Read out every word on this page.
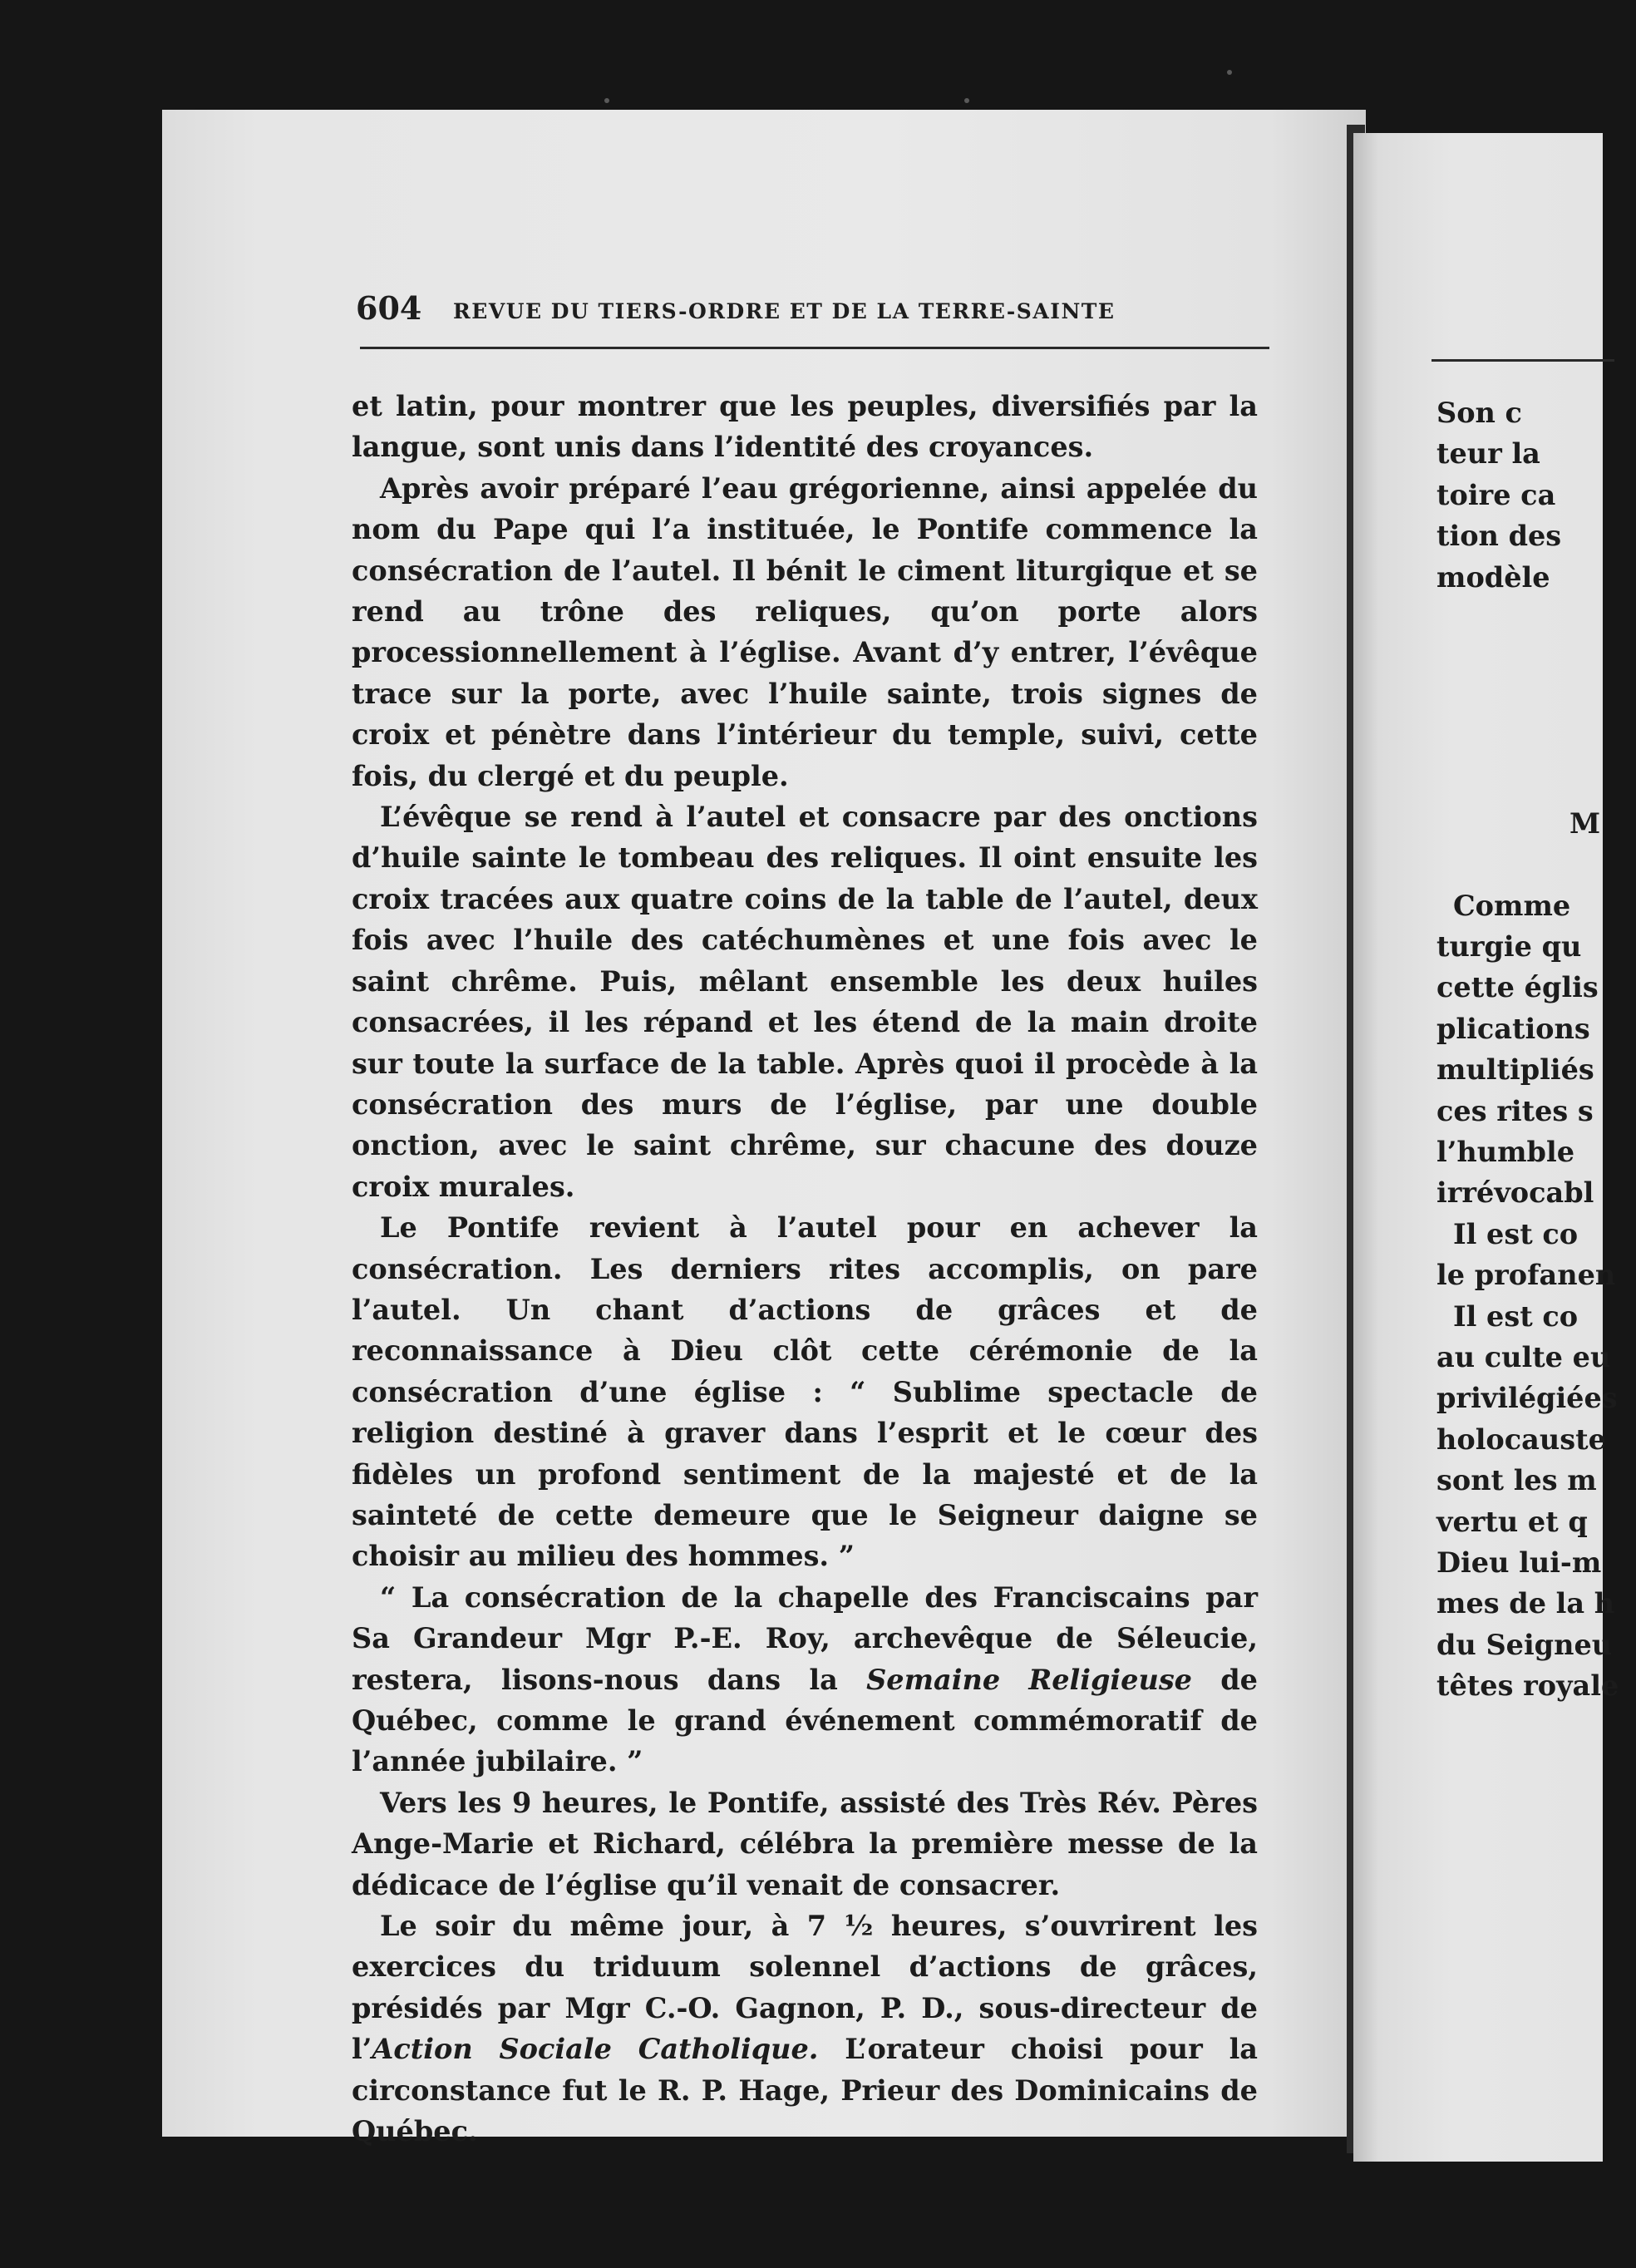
Son c
teur la
toire ca
tion des
modèle
M
Comme
turgie qu
cette églis
plications
multipliés
ces rites s
l’humble
irrévocabl
Il est co
le profanen
Il est co
au culte eu
privilégiées
holocauste
sont les m
vertu et q
Dieu lui-m
mes de la h
du Seigneu
têtes royale
604 REVUE DU TIERS-ORDRE ET DE LA TERRE-SAINTE

et latin, pour montrer que les peuples, diversifiés par la langue, sont unis dans l’identité des croyances.

Après avoir préparé l’eau grégorienne, ainsi appelée du nom du Pape qui l’a instituée, le Pontife commence la consécration de l’autel. Il bénit le ciment liturgique et se rend au trône des reliques, qu’on porte alors processionnellement à l’église. Avant d’y entrer, l’évêque trace sur la porte, avec l’huile sainte, trois signes de croix et pénètre dans l’intérieur du temple, suivi, cette fois, du clergé et du peuple.

L’évêque se rend à l’autel et consacre par des onctions d’huile sainte le tombeau des reliques. Il oint ensuite les croix tracées aux quatre coins de la table de l’autel, deux fois avec l’huile des catéchumènes et une fois avec le saint chrême. Puis, mêlant ensemble les deux huiles consacrées, il les répand et les étend de la main droite sur toute la surface de la table. Après quoi il procède à la consécration des murs de l’église, par une double onction, avec le saint chrême, sur chacune des douze croix murales.

Le Pontife revient à l’autel pour en achever la consécration. Les derniers rites accomplis, on pare l’autel. Un chant d’actions de grâces et de reconnaissance à Dieu clôt cette cérémonie de la consécration d’une église : “ Sublime spectacle de religion destiné à graver dans l’esprit et le cœur des fidèles un profond sentiment de la majesté et de la sainteté de cette demeure que le Seigneur daigne se choisir au milieu des hommes. ”

“ La consécration de la chapelle des Franciscains par Sa Grandeur Mgr P.-E. Roy, archevêque de Séleucie, restera, lisons-nous dans la Semaine Religieuse de Québec, comme le grand événement commémoratif de l’année jubilaire. ”

Vers les 9 heures, le Pontife, assisté des Très Rév. Pères Ange-Marie et Richard, célébra la première messe de la dédicace de l’église qu’il venait de consacrer.

Le soir du même jour, à 7 ½ heures, s’ouvrirent les exercices du triduum solennel d’actions de grâces, présidés par Mgr C.-O. Gagnon, P. D., sous-directeur de l’Action Sociale Catholique. L’orateur choisi pour la circonstance fut le R. P. Hage, Prieur des Dominicains de Québec.
